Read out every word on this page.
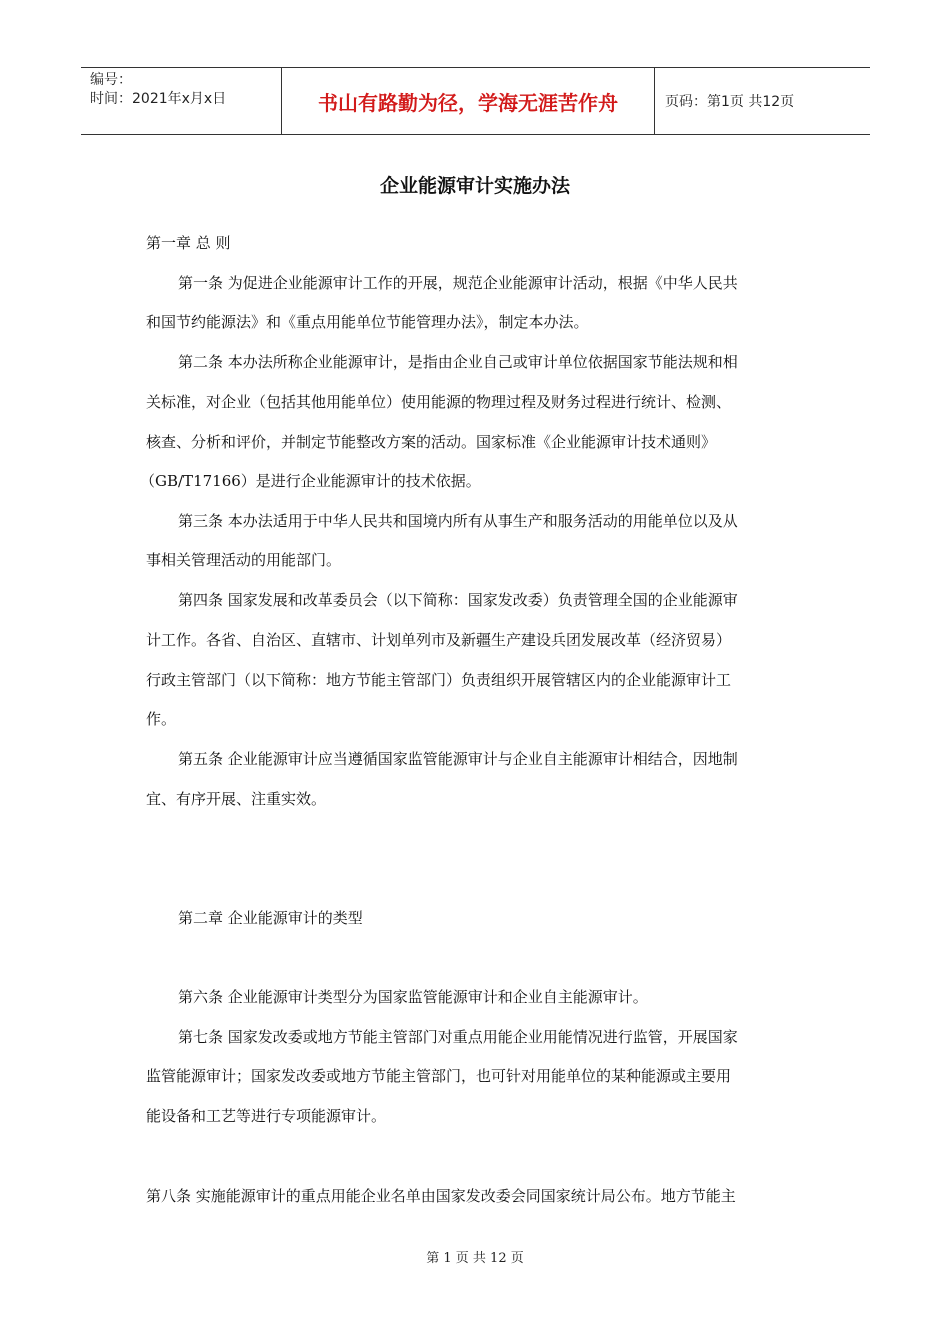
编号：
时间：2021年x月x日	书山有路勤为径，学海无涯苦作舟	页码：第1页 共12页
企业能源审计实施办法

第一章 总 则

第一条 为促进企业能源审计工作的开展，规范企业能源审计活动，根据《中华人民共

和国节约能源法》和《重点用能单位节能管理办法》，制定本办法。

第二条 本办法所称企业能源审计，是指由企业自己或审计单位依据国家节能法规和相

关标准，对企业（包括其他用能单位）使用能源的物理过程及财务过程进行统计、检测、

核查、分析和评价，并制定节能整改方案的活动。国家标准《企业能源审计技术通则》

（GB/T17166）是进行企业能源审计的技术依据。

第三条 本办法适用于中华人民共和国境内所有从事生产和服务活动的用能单位以及从

事相关管理活动的用能部门。

第四条 国家发展和改革委员会（以下简称：国家发改委）负责管理全国的企业能源审

计工作。各省、自治区、直辖市、计划单列市及新疆生产建设兵团发展改革（经济贸易）

行政主管部门（以下简称：地方节能主管部门）负责组织开展管辖区内的企业能源审计工

作。

第五条 企业能源审计应当遵循国家监管能源审计与企业自主能源审计相结合，因地制

宜、有序开展、注重实效。

第二章 企业能源审计的类型

第六条 企业能源审计类型分为国家监管能源审计和企业自主能源审计。

第七条 国家发改委或地方节能主管部门对重点用能企业用能情况进行监管，开展国家

监管能源审计；国家发改委或地方节能主管部门，也可针对用能单位的某种能源或主要用

能设备和工艺等进行专项能源审计。

第八条 实施能源审计的重点用能企业名单由国家发改委会同国家统计局公布。地方节能主

第 1 页 共 12 页
